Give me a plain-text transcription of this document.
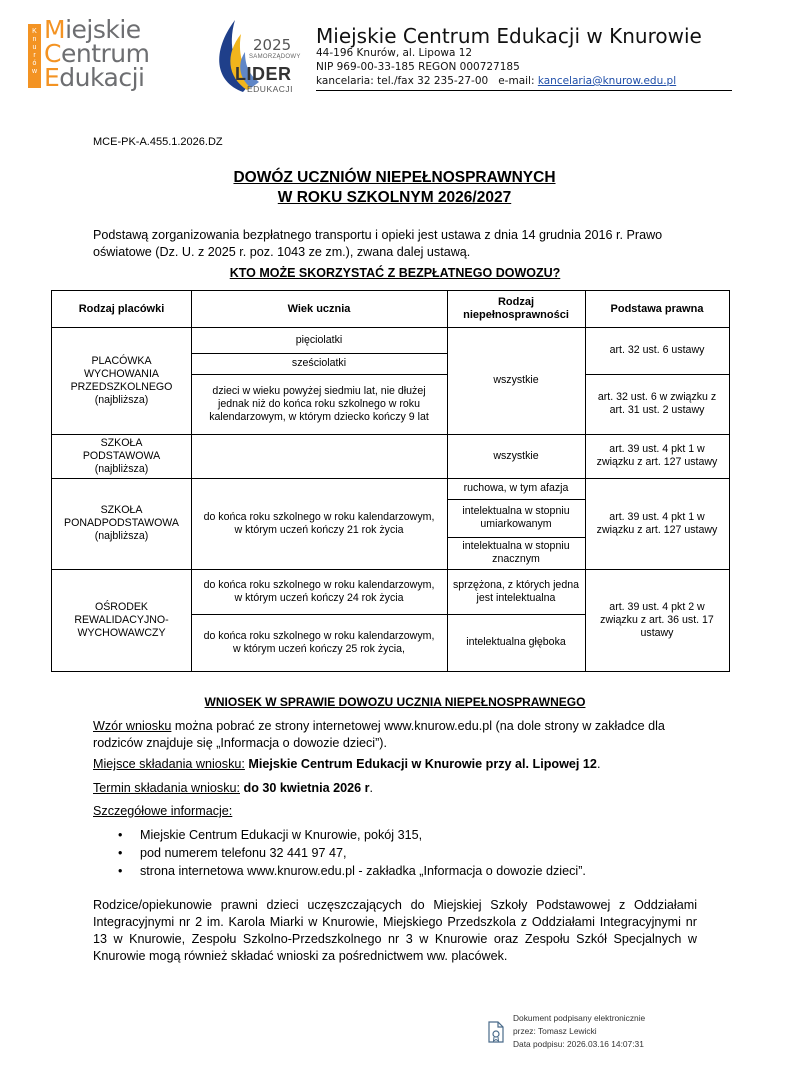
K
n
u
r
ó
w
Miejskie
Centrum
Edukacji
2025
SAMORZĄDOWY
LIDER
EDUKACJI
Miejskie Centrum Edukacji w Knurowie
44-196 Knurów, al. Lipowa 12
NIP 969-00-33-185 REGON 000727185
kancelaria: tel./fax 32 235-27-00   e-mail: kancelaria@knurow.edu.pl
MCE-PK-A.455.1.2026.DZ
DOWÓZ UCZNIÓW NIEPEŁNOSPRAWNYCH
W ROKU SZKOLNYM 2026/2027
Podstawą zorganizowania bezpłatnego transportu i opieki jest ustawa z dnia 14 grudnia 2016 r. Prawo oświatowe (Dz. U. z 2025 r. poz. 1043 ze zm.), zwana dalej ustawą.
KTO MOŻE SKORZYSTAĆ Z BEZPŁATNEGO DOWOZU?
Rodzaj placówki	Wiek ucznia
Rodzaj niepełnosprawności
Podstawa prawna
PLACÓWKA WYCHOWANIA PRZEDSZKOLNEGO (najbliższa)
pięciolatki
sześciolatki
dzieci w wieku powyżej siedmiu lat, nie dłużej jednak niż do końca roku szkolnego w roku kalendarzowym, w którym dziecko kończy 9 lat
wszystkie
art. 32 ust. 6 ustawy
art. 32 ust. 6 w związku z art. 31 ust. 2 ustawy
SZKOŁA PODSTAWOWA (najbliższa)
wszystkie
art. 39 ust. 4 pkt 1 w związku z art. 127 ustawy
SZKOŁA PONADPODSTAWOWA (najbliższa)
do końca roku szkolnego w roku kalendarzowym, w którym uczeń kończy 21 rok życia
ruchowa, w tym afazja
intelektualna w stopniu umiarkowanym
intelektualna w stopniu znacznym
art. 39 ust. 4 pkt 1 w związku z art. 127 ustawy
OŚRODEK REWALIDACYJNO-WYCHOWAWCZY
do końca roku szkolnego w roku kalendarzowym, w którym uczeń kończy 24 rok życia
do końca roku szkolnego w roku kalendarzowym, w którym uczeń kończy 25 rok życia,
sprzężona, z których jedna jest intelektualna
intelektualna głęboka
art. 39 ust. 4 pkt 2 w związku z art. 36 ust. 17 ustawy
WNIOSEK W SPRAWIE DOWOZU UCZNIA NIEPEŁNOSPRAWNEGO
Wzór wniosku można pobrać ze strony internetowej www.knurow.edu.pl (na dole strony w zakładce dla rodziców znajduje się „Informacja o dowozie dzieci”).
Miejsce składania wniosku: Miejskie Centrum Edukacji w Knurowie przy al. Lipowej 12.
Termin składania wniosku: do 30 kwietnia 2026 r.
Szczegółowe informacje:
• Miejskie Centrum Edukacji w Knurowie, pokój 315,
• pod numerem telefonu 32 441 97 47,
• strona internetowa www.knurow.edu.pl - zakładka „Informacja o dowozie dzieci”.
Rodzice/opiekunowie prawni dzieci uczęszczających do Miejskiej Szkoły Podstawowej z Oddziałami Integracyjnymi nr 2 im. Karola Miarki w Knurowie, Miejskiego Przedszkola z Oddziałami Integracyjnymi nr 13 w Knurowie, Zespołu Szkolno-Przedszkolnego nr 3 w Knurowie oraz Zespołu Szkół Specjalnych w Knurowie mogą również składać wnioski za pośrednictwem ww. placówek.
Dokument podpisany elektronicznie
przez: Tomasz Lewicki
Data podpisu: 2026.03.16 14:07:31
